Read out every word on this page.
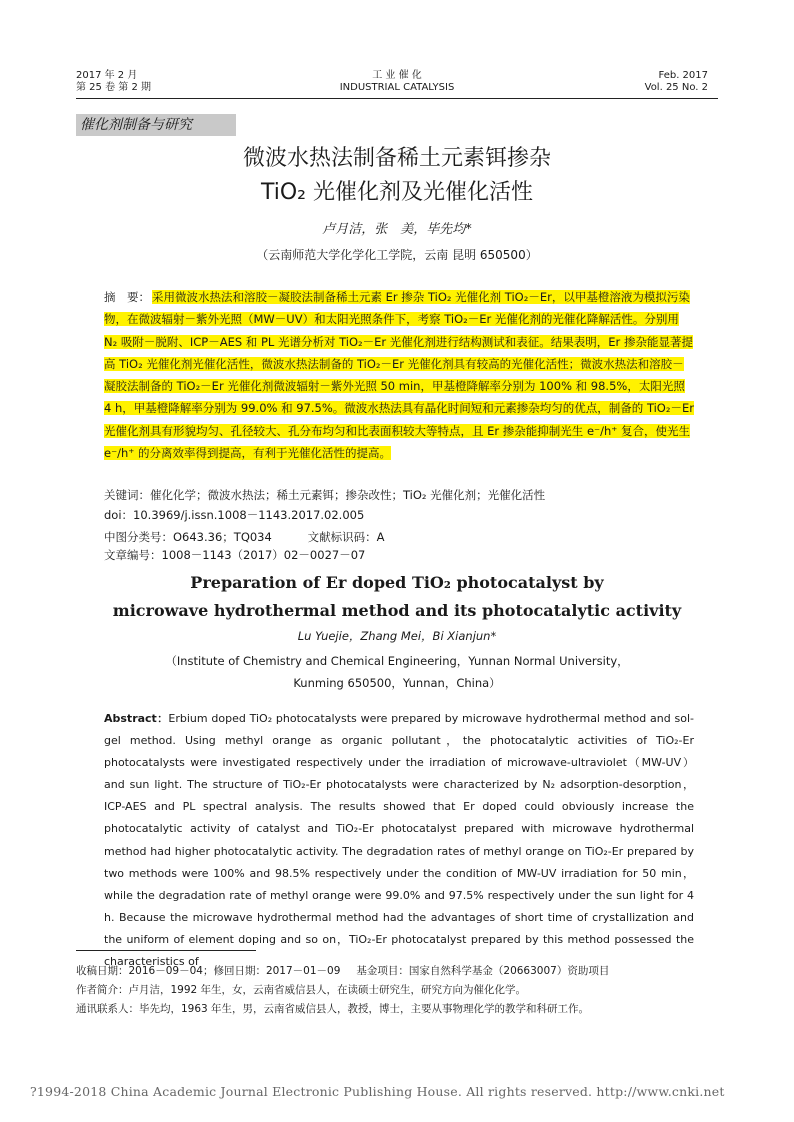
2017 年 2 月
第 25 卷 第 2 期
工 业 催 化
INDUSTRIAL CATALYSIS
Feb. 2017
Vol. 25 No. 2
催化剂制备与研究
微波水热法制备稀土元素铒掺杂
TiO₂ 光催化剂及光催化活性
卢月洁，张　美，毕先均*
（云南师范大学化学化工学院，云南 昆明 650500）
摘　要： 采用微波水热法和溶胶－凝胶法制备稀土元素 Er 掺杂 TiO₂ 光催化剂 TiO₂－Er，以甲基橙溶液为模拟污染物，在微波辐射－紫外光照（MW－UV）和太阳光照条件下，考察 TiO₂－Er 光催化剂的光催化降解活性。分别用 N₂ 吸附－脱附、ICP－AES 和 PL 光谱分析对 TiO₂－Er 光催化剂进行结构测试和表征。结果表明，Er 掺杂能显著提高 TiO₂ 光催化剂光催化活性，微波水热法制备的 TiO₂－Er 光催化剂具有较高的光催化活性；微波水热法和溶胶－凝胶法制备的 TiO₂－Er 光催化剂微波辐射－紫外光照 50 min，甲基橙降解率分别为 100% 和 98.5%，太阳光照 4 h，甲基橙降解率分别为 99.0% 和 97.5%。微波水热法具有晶化时间短和元素掺杂均匀的优点，制备的 TiO₂－Er 光催化剂具有形貌均匀、孔径较大、孔分布均匀和比表面积较大等特点，且 Er 掺杂能抑制光生 e⁻/h⁺ 复合，使光生 e⁻/h⁺ 的分离效率得到提高，有利于光催化活性的提高。
关键词：催化化学；微波水热法；稀土元素铒；掺杂改性；TiO₂ 光催化剂；光催化活性
doi：10.3969/j.issn.1008－1143.2017.02.005
中图分类号：O643.36；TQ034	文献标识码：A 文章编号：1008－1143（2017）02－0027－07
Preparation of Er doped TiO₂ photocatalyst by
microwave hydrothermal method and its photocatalytic activity
Lu Yuejie，Zhang Mei，Bi Xianjun*
（Institute of Chemistry and Chemical Engineering，Yunnan Normal University，
Kunming 650500，Yunnan，China）
Abstract：Erbium doped TiO₂ photocatalysts were prepared by microwave hydrothermal method and sol-gel method. Using methyl orange as organic pollutant，the photocatalytic activities of TiO₂-Er photocatalysts were investigated respectively under the irradiation of microwave-ultraviolet（MW-UV） and sun light. The structure of TiO₂-Er photocatalysts were characterized by N₂ adsorption-desorption，ICP-AES and PL spectral analysis. The results showed that Er doped could obviously increase the photocatalytic activity of catalyst and TiO₂-Er photocatalyst prepared with microwave hydrothermal method had higher photocatalytic activity. The degradation rates of methyl orange on TiO₂-Er prepared by two methods were 100% and 98.5% respectively under the condition of MW-UV irradiation for 50 min，while the degradation rate of methyl orange were 99.0% and 97.5% respectively under the sun light for 4 h. Because the microwave hydrothermal method had the advantages of short time of crystallization and the uniform of element doping and so on，TiO₂-Er photocatalyst prepared by this method possessed the characteristics of
收稿日期：2016－09－04；修回日期：2017－01－09 基金项目：国家自然科学基金（20663007）资助项目
作者简介：卢月洁，1992 年生，女，云南省威信县人，在读硕士研究生，研究方向为催化化学。
通讯联系人：毕先均，1963 年生，男，云南省威信县人，教授，博士，主要从事物理化学的教学和科研工作。
?1994-2018 China Academic Journal Electronic Publishing House. All rights reserved. http://www.cnki.net
